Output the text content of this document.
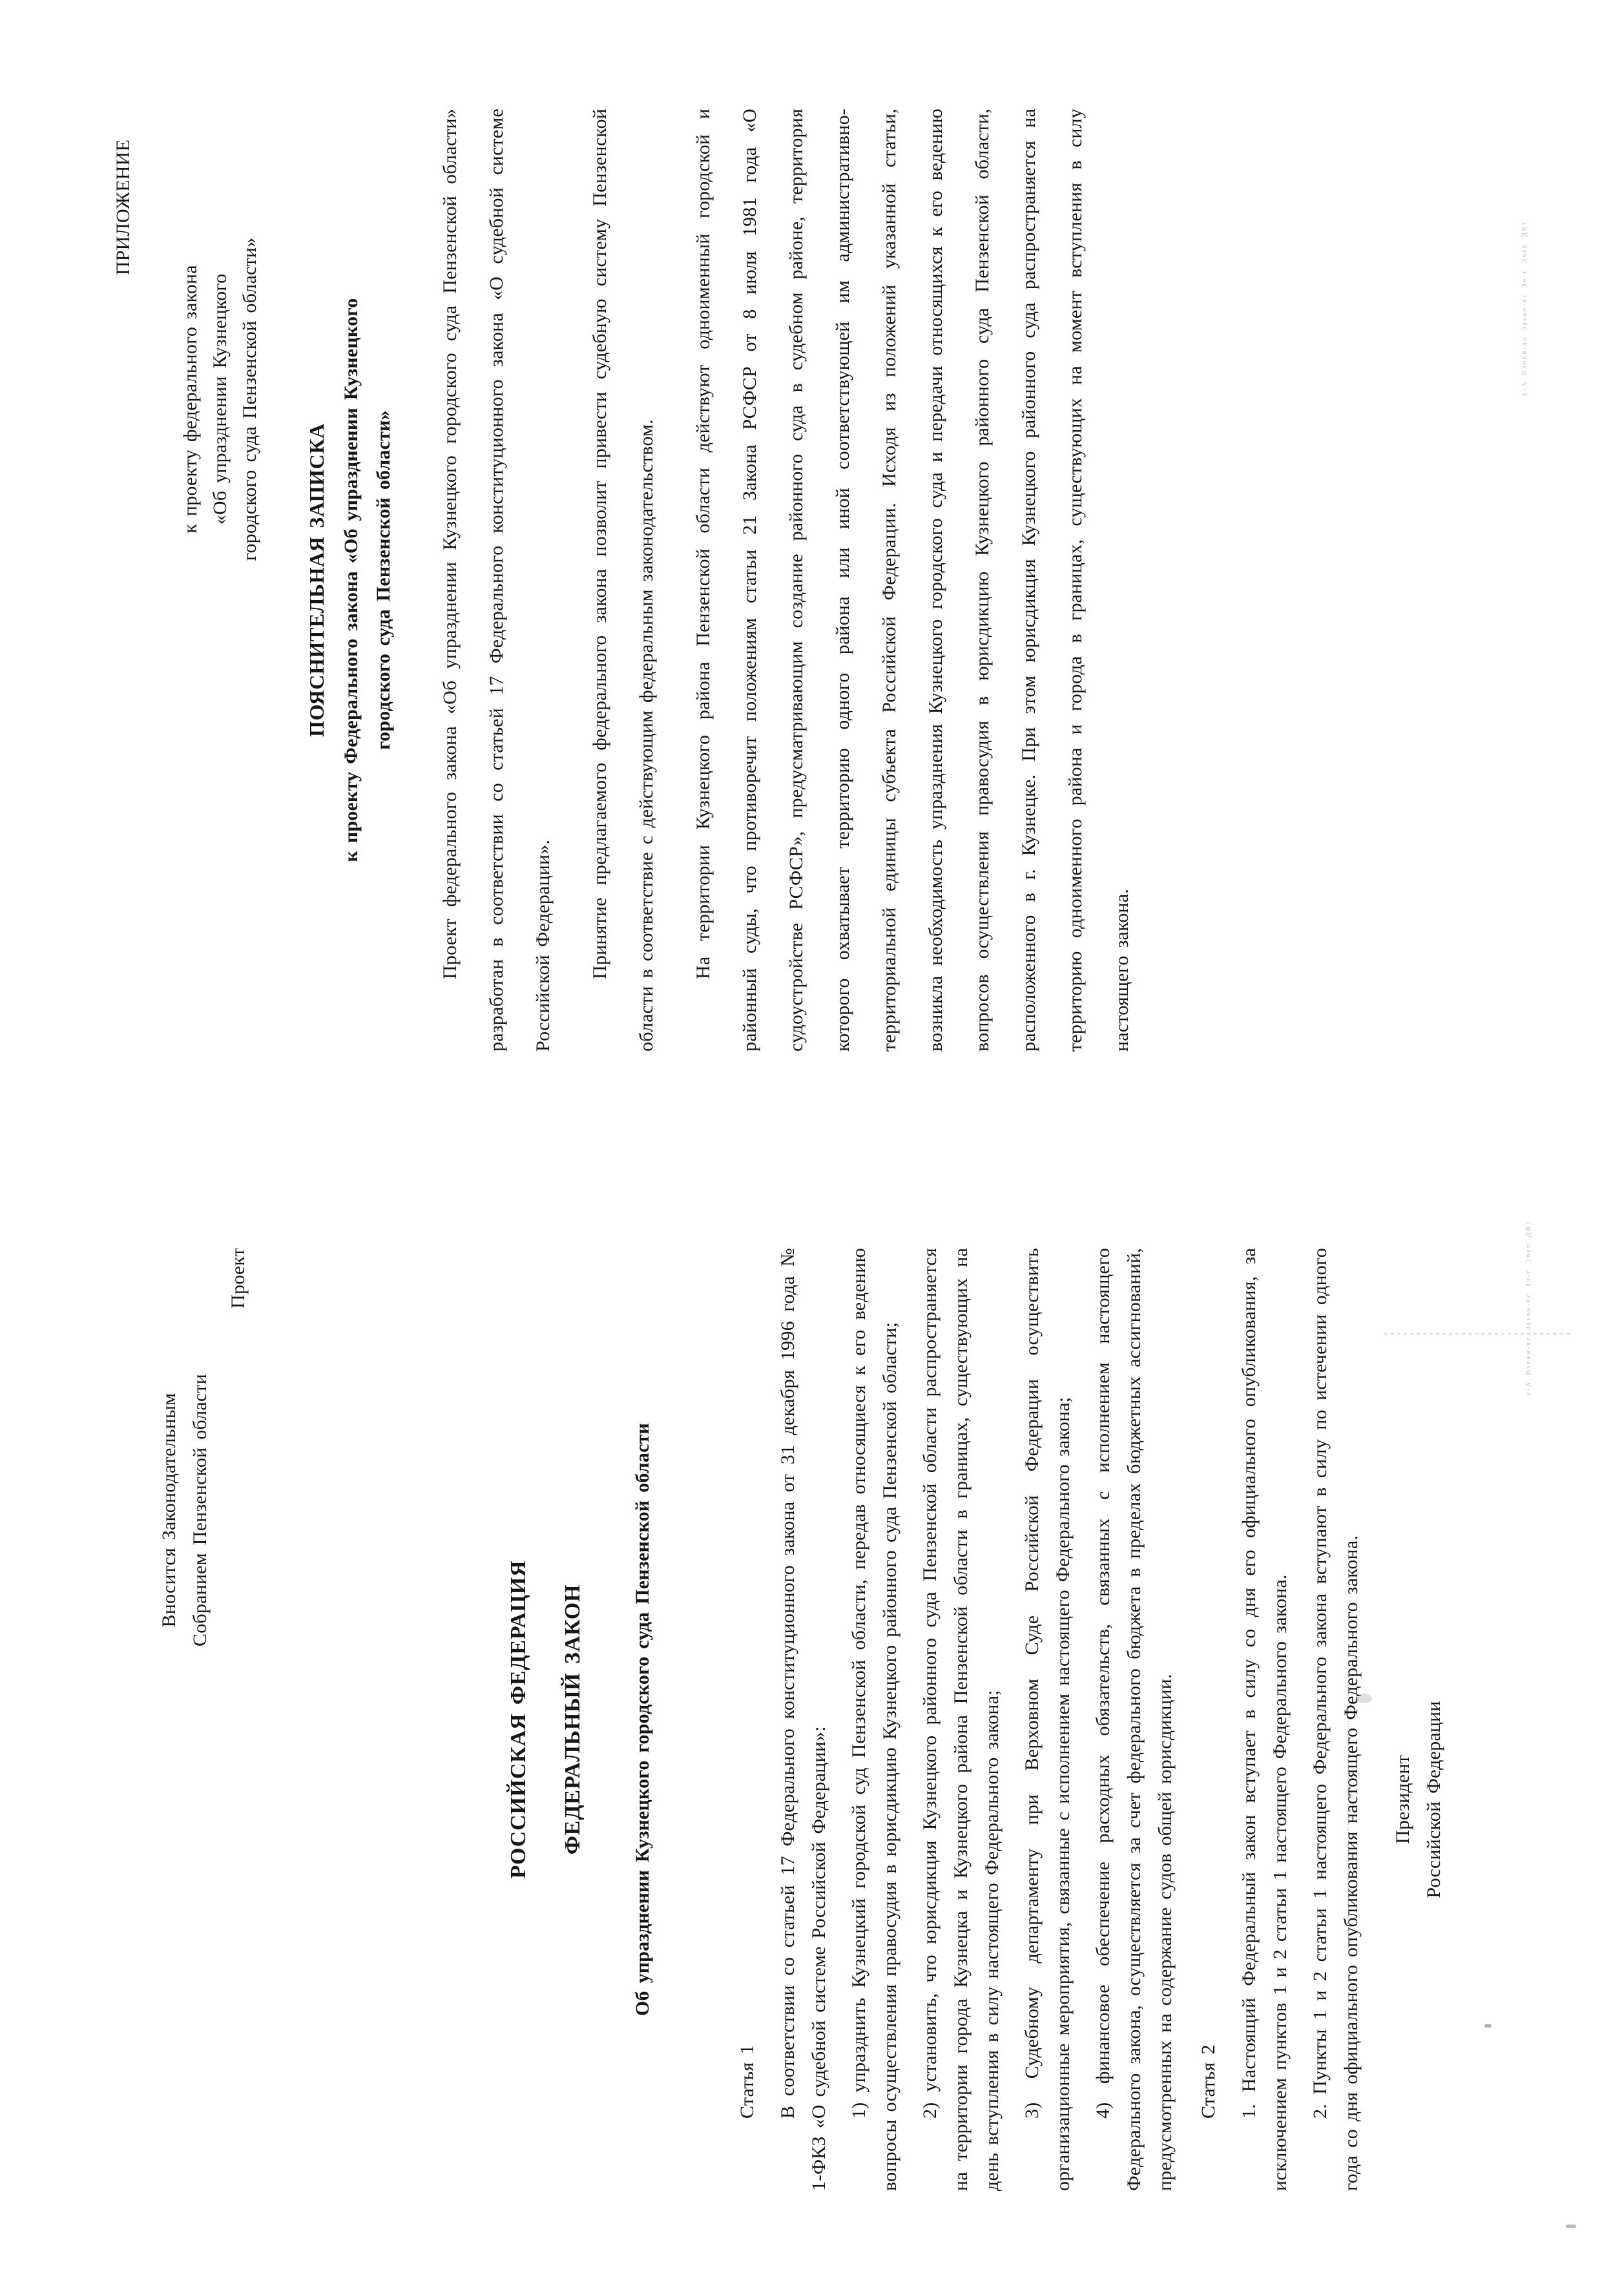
ПРИЛОЖЕНИЕ
к проекту федерального закона «Об упразднении Кузнецкого городского суда Пензенской области»
ПОЯСНИТЕЛЬНАЯ ЗАПИСКА к проекту Федерального закона «Об упразднении Кузнецкого городского суда Пензенской области»	Проект федерального закона «Об упразднении Кузнецкого городского суда Пензенской области» разработан в соответствии со статьей 17 Федерального конституционного закона «О судебной системе Российской Федерации».	Принятие предлагаемого федерального закона позволит привести судебную систему Пензенской области в соответствие с действующим федеральным законодательством.	На территории Кузнецкого района Пензенской области действуют одноименный городской и районный суды, что противоречит положениям статьи 21 Закона РСФСР от 8 июля 1981 года «О судоустройстве РСФСР», предусматривающим создание районного суда в судебном районе, территория которого охватывает территорию одного района или иной соответствующей им административно-территориальной единицы субъекта Российской Федерации. Исходя из положений указанной статьи, возникла необходимость упразднения Кузнецкого городского суда и передачи относящихся к его ведению вопросов осуществления правосудия в юрисдикцию Кузнецкого районного суда Пензенской области, расположенного в г. Кузнецке. При этом юрисдикция Кузнецкого районного суда распространяется на территорию одноименного района и города в границах, существующих на момент вступления в силу настоящего закона.

х-А Пзнич-чо Закон-йс Зч-т Эчеп ДВТ
Вносится Законодательным Собранием Пензенской области
Проект
РОССИЙСКАЯ ФЕДЕРАЦИЯ ФЕДЕРАЛЬНЫЙ ЗАКОН Об упразднении Кузнецкого городского суда Пензенской области

Статья 1 В соответствии со статьей 17 Федерального конституционного закона от 31 декабря 1996 года № 1-ФКЗ «О судебной системе Российской Федерации»: 1) упразднить Кузнецкий городской суд Пензенской области, передав относящиеся к его ведению вопросы осуществления правосудия в юрисдикцию Кузнецкого районного суда Пензенской области; 2) установить, что юрисдикция Кузнецкого районного суда Пензенской области распространяется на территории города Кузнецка и Кузнецкого района Пензенской области в границах, существующих на день вступления в силу настоящего Федерального закона; 3) Судебному департаменту при Верховном Суде Российской Федерации осуществить организационные мероприятия, связанные с исполнением настоящего Федерального закона; 4) финансовое обеспечение расходных обязательств, связанных с исполнением настоящего Федерального закона, осуществляется за счет федерального бюджета в пределах бюджетных ассигнований, предусмотренных на содержание судов общей юрисдикции. Статья 2 1. Настоящий Федеральный закон вступает в силу со дня его официального опубликования, за исключением пунктов 1 и 2 статьи 1 настоящего Федерального закона. 2. Пункты 1 и 2 статьи 1 настоящего Федерального закона вступают в силу по истечении одного года со дня официального опубликования настоящего Федерального закона. Президент Российской Федерации
х-А Пзнич-чо Закон-йс Зч-т Эчеп ДВТ
